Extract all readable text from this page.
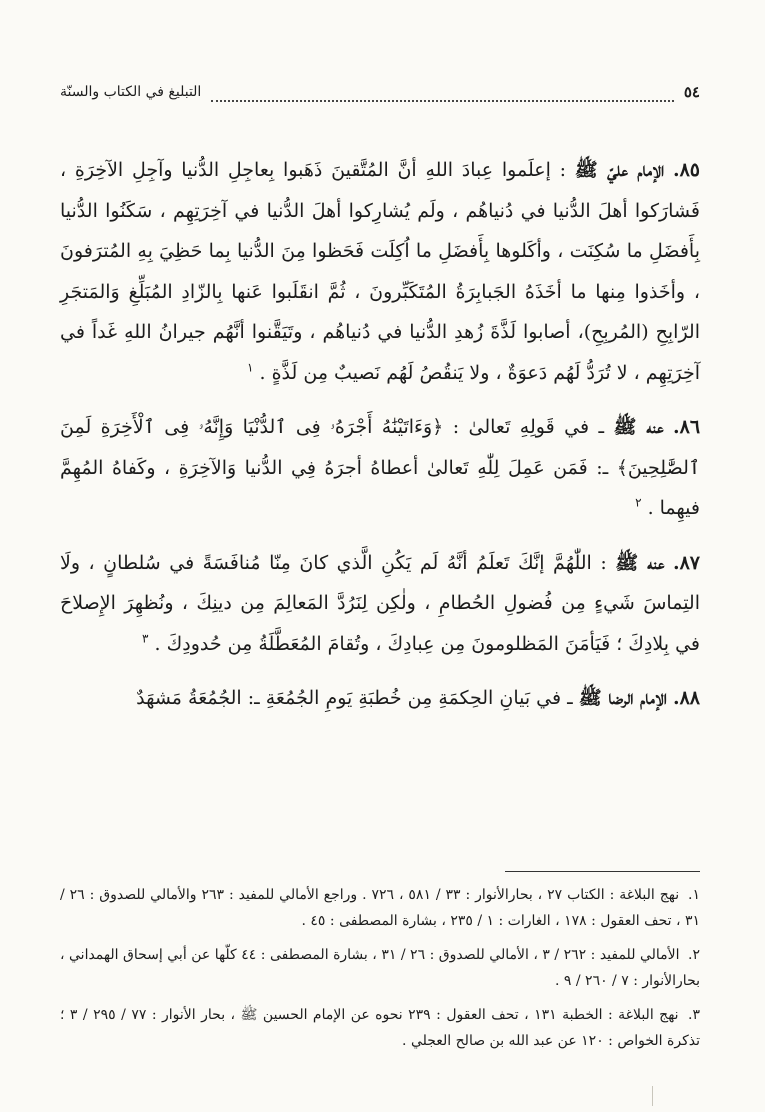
٥٤
التبليغ في الكتاب والسنّة

٨٥. الإمام عليّ ﷺ : إعلَموا عِبادَ اللهِ أنَّ المُتَّقينَ ذَهَبوا بِعاجِلِ الدُّنيا وآجِلِ الآخِرَةِ ، فَشارَكوا أهلَ الدُّنيا في دُنياهُم ، ولَم يُشارِكوا أهلَ الدُّنيا في آخِرَتِهِم ، سَكَنُوا الدُّنيا بِأَفضَلِ ما سُكِنَت ، وأكَلوها بِأَفضَلِ ما اُكِلَت فَحَظوا مِنَ الدُّنيا بِما حَظِيَ بِهِ المُترَفونَ ، وأخَذوا مِنها ما أخَذَهُ الجَبابِرَةُ المُتَكَبِّرونَ ، ثُمَّ انقَلَبوا عَنها بِالزّادِ المُبَلِّغِ وَالمَتجَرِ الرّابِحِ (المُربِحِ)، أصابوا لَذَّةَ زُهدِ الدُّنيا في دُنياهُم ، وتَيَقَّنوا أنَّهُم جيرانُ اللهِ غَداً في آخِرَتِهِم ، لا تُرَدُّ لَهُم دَعوَةٌ ، ولا يَنقُصُ لَهُم نَصيبٌ مِن لَذَّةٍ . $^١$

٨٦. عنه ﷺ ـ في قَولِهِ تَعالىٰ : ﴿وَءَاتَيْنَٰهُ أَجْرَهُۥ فِى ٱلدُّنْيَا وَإِنَّهُۥ فِى ٱلْأَخِرَةِ لَمِنَ ٱلصَّٰلِحِينَ﴾ ـ: فَمَن عَمِلَ لِلّٰهِ تَعالىٰ أعطاهُ أجرَهُ فِي الدُّنيا وَالآخِرَةِ ، وكَفاهُ المُهِمَّ فيهِما . $^٢$

٨٧. عنه ﷺ : اللّٰهُمَّ إنَّكَ تَعلَمُ أنَّهُ لَم يَكُنِ الَّذي كانَ مِنّا مُنافَسَةً في سُلطانٍ ، ولَا التِماسَ شَيءٍ مِن فُضولِ الحُطامِ ، ولٰكِن لِنَرُدَّ المَعالِمَ مِن دينِكَ ، ونُظهِرَ الإِصلاحَ في بِلادِكَ ؛ فَيَأمَنَ المَظلومونَ مِن عِبادِكَ ، وتُقامَ المُعَطَّلَةُ مِن حُدودِكَ . $^٣$

٨٨. الإمام الرضا ﷺ ـ في بَيانِ الحِكمَةِ مِن خُطبَةِ يَومِ الجُمُعَةِ ـ: الجُمُعَةُ مَشهَدٌ

١. نهج البلاغة : الكتاب ٢٧ ، بحارالأنوار : ٣٣ / ٥٨١ ، ٧٢٦ . وراجع الأمالي للمفيد : ٢٦٣ والأمالي للصدوق : ٢٦ / ٣١ ، تحف العقول : ١٧٨ ، الغارات : ١ / ٢٣٥ ، بشارة المصطفى : ٤٥ .

٢. الأمالي للمفيد : ٢٦٢ / ٣ ، الأمالي للصدوق : ٢٦ / ٣١ ، بشارة المصطفى : ٤٤ كلّها عن أبي إسحاق الهمداني ، بحارالأنوار : ٧ / ٢٦٠ / ٩ .

٣. نهج البلاغة : الخطبة ١٣١ ، تحف العقول : ٢٣٩ نحوه عن الإمام الحسين ﷺ ، بحار الأنوار : ٧٧ / ٢٩٥ / ٣ ؛ تذكرة الخواص : ١٢٠ عن عبد الله بن صالح العجلي .
